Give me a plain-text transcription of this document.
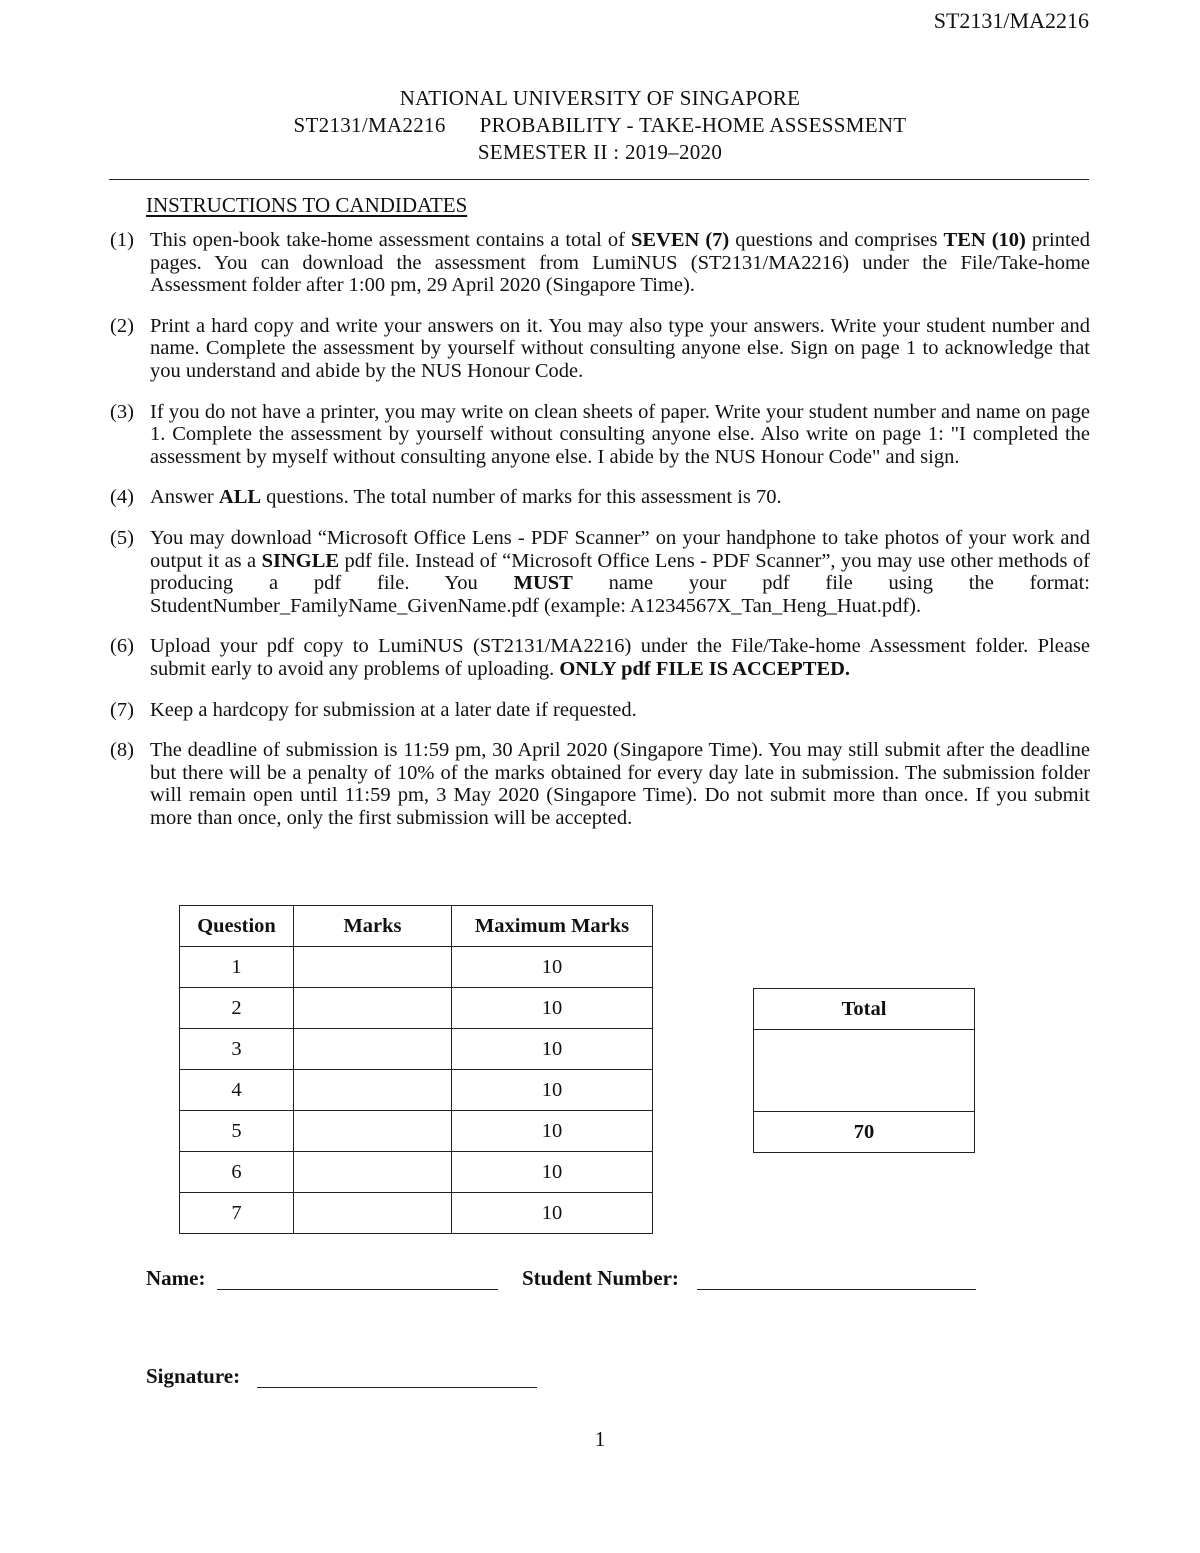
ST2131/MA2216
NATIONAL UNIVERSITY OF SINGAPORE
ST2131/MA2216 PROBABILITY - TAKE-HOME ASSESSMENT
SEMESTER II : 2019–2020
INSTRUCTIONS TO CANDIDATES
(1) This open-book take-home assessment contains a total of SEVEN (7) questions and comprises TEN (10) printed pages. You can download the assessment from LumiNUS (ST2131/MA2216) under the File/Take-home Assessment folder after 1:00 pm, 29 April 2020 (Singapore Time).
(2) Print a hard copy and write your answers on it. You may also type your answers. Write your student number and name. Complete the assessment by yourself without consulting anyone else. Sign on page 1 to acknowledge that you understand and abide by the NUS Honour Code.
(3) If you do not have a printer, you may write on clean sheets of paper. Write your student number and name on page 1. Complete the assessment by yourself without consulting anyone else. Also write on page 1: "I completed the assessment by myself without consulting anyone else. I abide by the NUS Honour Code" and sign.
(4) Answer ALL questions. The total number of marks for this assessment is 70.
(5) You may download “Microsoft Office Lens - PDF Scanner” on your handphone to take photos of your work and output it as a SINGLE pdf file. Instead of “Microsoft Office Lens - PDF Scanner”, you may use other methods of producing a pdf file. You MUST name your pdf file using the format: StudentNumber_FamilyName_GivenName.pdf (example: A1234567X_Tan_Heng_Huat.pdf).
(6) Upload your pdf copy to LumiNUS (ST2131/MA2216) under the File/Take-home Assessment folder. Please submit early to avoid any problems of uploading. ONLY pdf FILE IS ACCEPTED.
(7) Keep a hardcopy for submission at a later date if requested.
(8) The deadline of submission is 11:59 pm, 30 April 2020 (Singapore Time). You may still submit after the deadline but there will be a penalty of 10% of the marks obtained for every day late in submission. The submission folder will remain open until 11:59 pm, 3 May 2020 (Singapore Time). Do not submit more than once. If you submit more than once, only the first submission will be accepted.
Question	Marks	Maximum Marks
1		10
2		10
3		10
4		10
5		10
6		10
7		10
Total

70
Name:	Student Number:
Signature:
1
